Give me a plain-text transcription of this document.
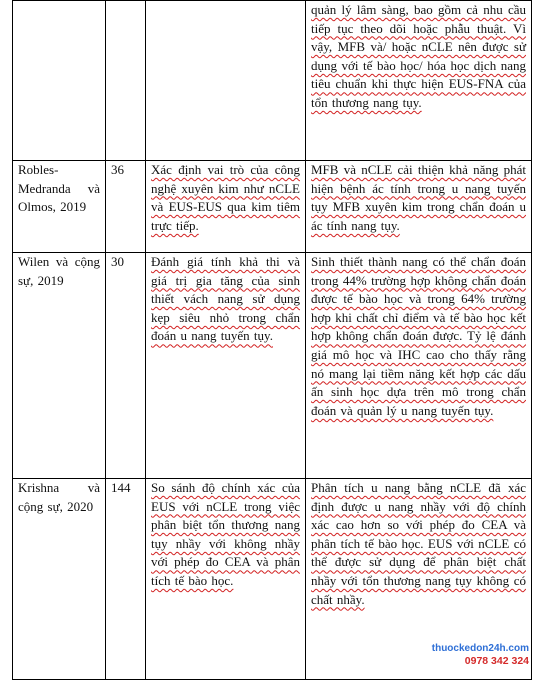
			quản lý lâm sàng, bao gồm cả nhu cầu tiếp tục theo dõi hoặc phẫu thuật. Vì vậy, MFB và/ hoặc nCLE nên được sử dụng với tế bào học/ hóa học dịch nang tiêu chuẩn khi thực hiện EUS-FNA của tổn thương nang tụy.
Robles-Medranda và Olmos, 2019	36	Xác định vai trò của công nghệ xuyên kim như nCLE và EUS-EUS qua kim tiêm trực tiếp.	MFB và nCLE cải thiện khả năng phát hiện bệnh ác tính trong u nang tuyến tụy MFB xuyên kim trong chẩn đoán u ác tính nang tụy.
Wilen và cộng sự, 2019	30	Đánh giá tính khả thi và giá trị gia tăng của sinh thiết vách nang sử dụng kẹp siêu nhỏ trong chẩn đoán u nang tuyến tụy.	Sinh thiết thành nang có thể chẩn đoán trong 44% trường hợp không chẩn đoán được tế bào học và trong 64% trường hợp khi chất chỉ điểm và tế bào học kết hợp không chẩn đoán được. Tỷ lệ đánh giá mô học và IHC cao cho thấy rằng nó mang lại tiềm năng kết hợp các dấu ấn sinh học dựa trên mô trong chẩn đoán và quản lý u nang tuyến tụy.
Krishna và cộng sự, 2020	144	So sánh độ chính xác của EUS với nCLE trong việc phân biệt tổn thương nang tụy nhầy với không nhầy với phép đo CEA và phân tích tế bào học.	Phân tích u nang bằng nCLE đã xác định được u nang nhầy với độ chính xác cao hơn so với phép đo CEA và phân tích tế bào học. EUS với nCLE có thể được sử dụng để phân biệt chất nhầy với tổn thương nang tụy không có chất nhầy.
thuockedon24h.com
0978 342 324
